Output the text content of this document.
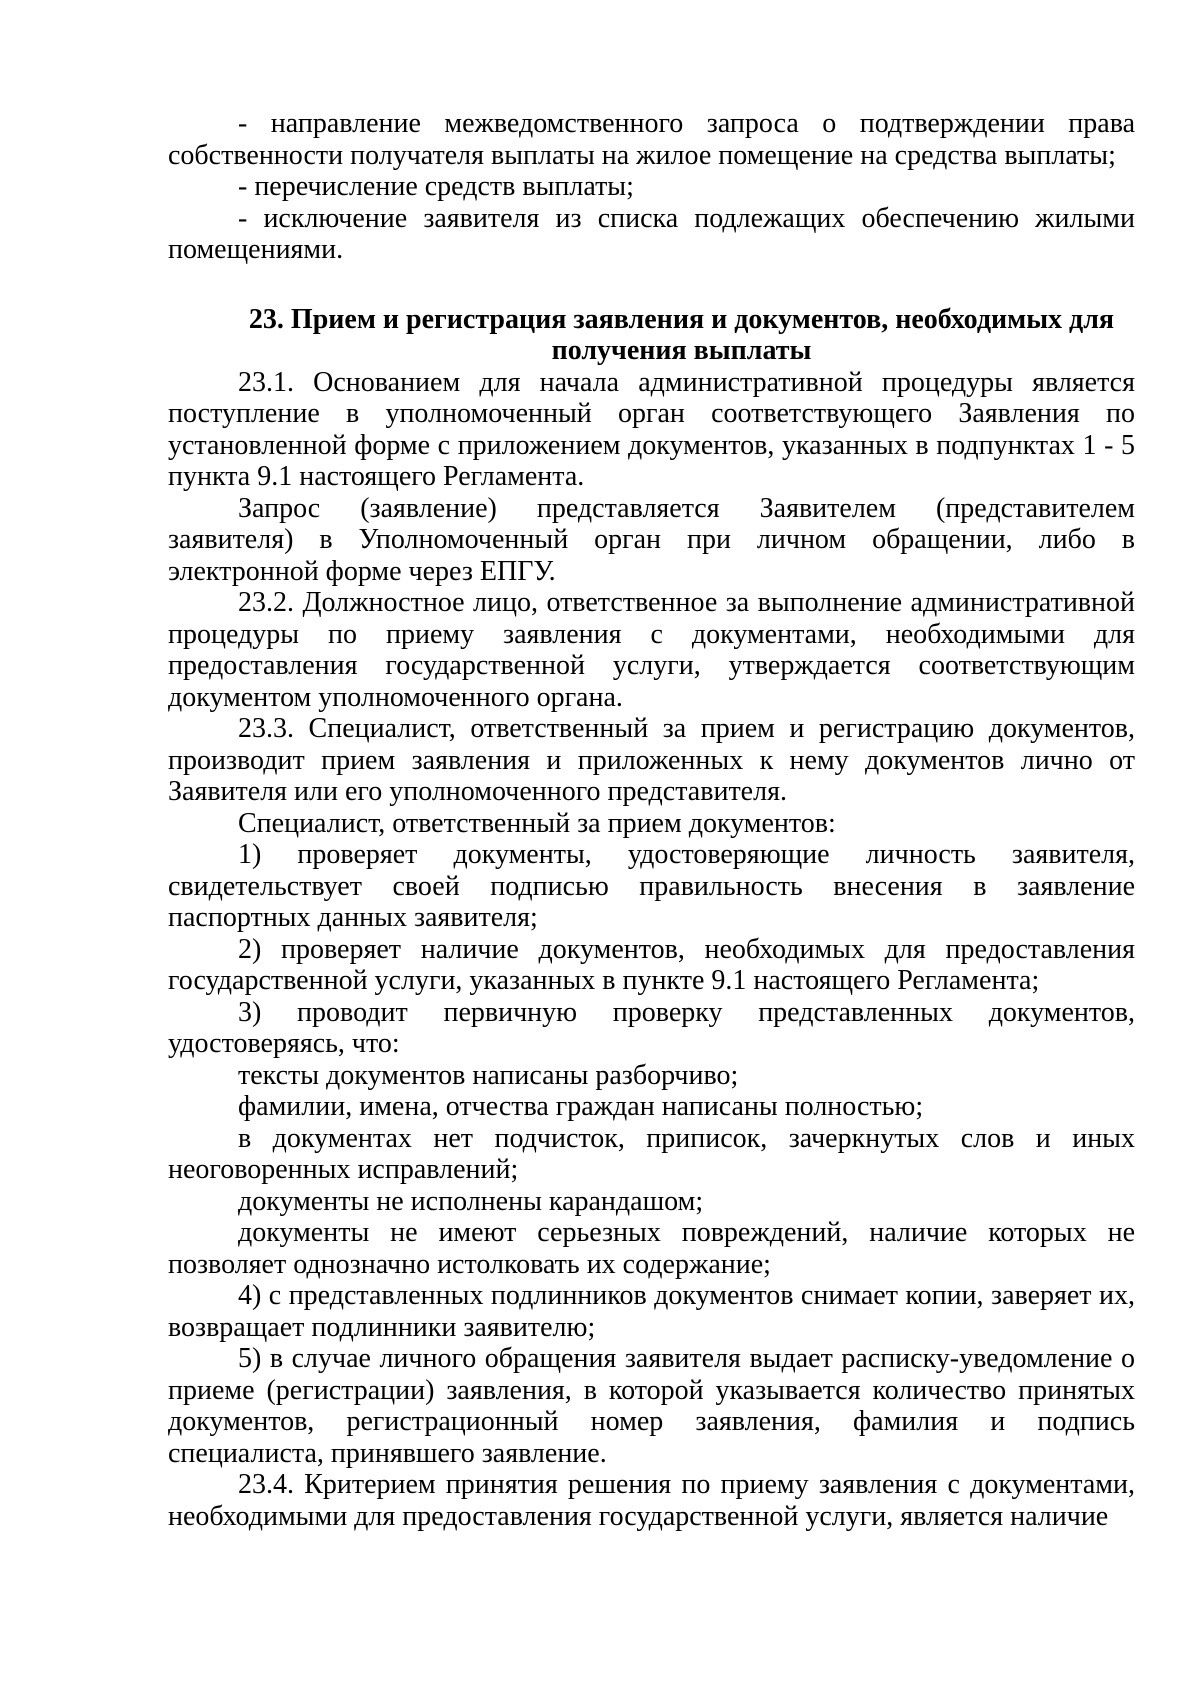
- направление межведомственного запроса о подтверждении права собственности получателя выплаты на жилое помещение на средства выплаты;

- перечисление средств выплаты;

- исключение заявителя из списка подлежащих обеспечению жилыми помещениями.

23. Прием и регистрация заявления и документов, необходимых для получения выплаты

23.1. Основанием для начала административной процедуры является поступление в уполномоченный орган соответствующего Заявления по установленной форме с приложением документов, указанных в подпунктах 1 - 5 пункта 9.1 настоящего Регламента.

Запрос (заявление) представляется Заявителем (представителем заявителя) в Уполномоченный орган при личном обращении, либо в электронной форме через ЕПГУ.

23.2. Должностное лицо, ответственное за выполнение административной процедуры по приему заявления с документами, необходимыми для предоставления государственной услуги, утверждается соответствующим документом уполномоченного органа.

23.3. Специалист, ответственный за прием и регистрацию документов, производит прием заявления и приложенных к нему документов лично от Заявителя или его уполномоченного представителя.

Специалист, ответственный за прием документов:

1) проверяет документы, удостоверяющие личность заявителя, свидетельствует своей подписью правильность внесения в заявление паспортных данных заявителя;

2) проверяет наличие документов, необходимых для предоставления государственной услуги, указанных в пункте 9.1 настоящего Регламента;

3) проводит первичную проверку представленных документов, удостоверяясь, что:

тексты документов написаны разборчиво;

фамилии, имена, отчества граждан написаны полностью;

в документах нет подчисток, приписок, зачеркнутых слов и иных неоговоренных исправлений;

документы не исполнены карандашом;

документы не имеют серьезных повреждений, наличие которых не позволяет однозначно истолковать их содержание;

4) с представленных подлинников документов снимает копии, заверяет их, возвращает подлинники заявителю;

5) в случае личного обращения заявителя выдает расписку-уведомление о приеме (регистрации) заявления, в которой указывается количество принятых документов, регистрационный номер заявления, фамилия и подпись специалиста, принявшего заявление.

23.4. Критерием принятия решения по приему заявления с документами, необходимыми для предоставления государственной услуги, является наличие
